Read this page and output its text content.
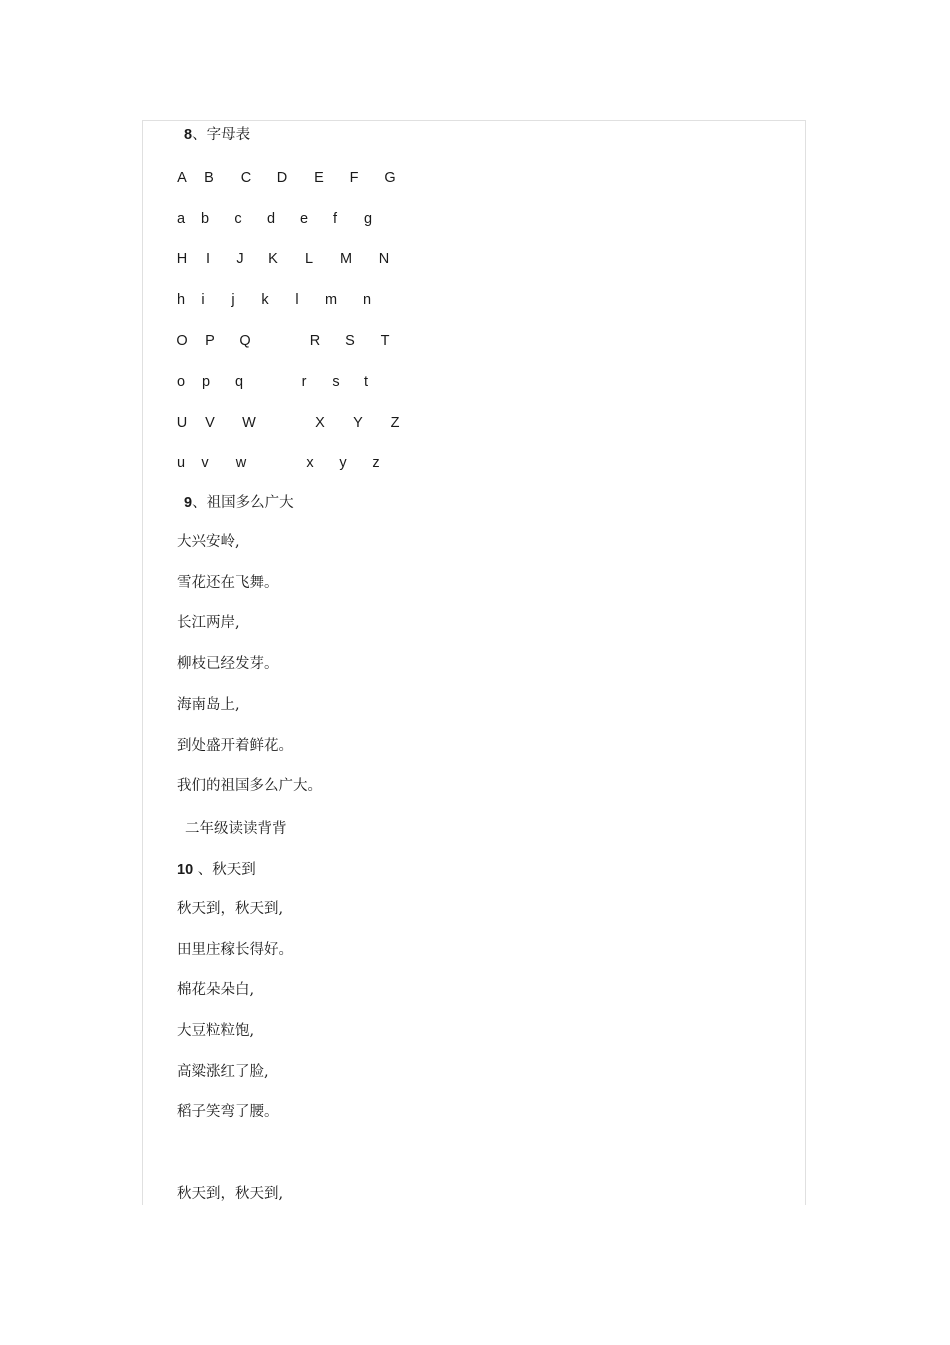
8、字母表
A B C D E F G
a b	c	d e	f	g
H	I	J	K L M N
h	i	j	k	l	m n
O P Q	R S T
o p q	r	s	t
U V W	X Y Z
u	v	w	x	y	z
9、祖国多么广大
大兴安岭,
雪花还在飞舞。
长江两岸,
柳枝已经发芽。
海南岛上,
到处盛开着鲜花。
我们的祖国多么广大。
二年级读读背背
10 、秋天到
秋天到，秋天到,
田里庄稼长得好。
棉花朵朵白,
大豆粒粒饱,
高粱涨红了脸,
稻子笑弯了腰。
秋天到，秋天到,
